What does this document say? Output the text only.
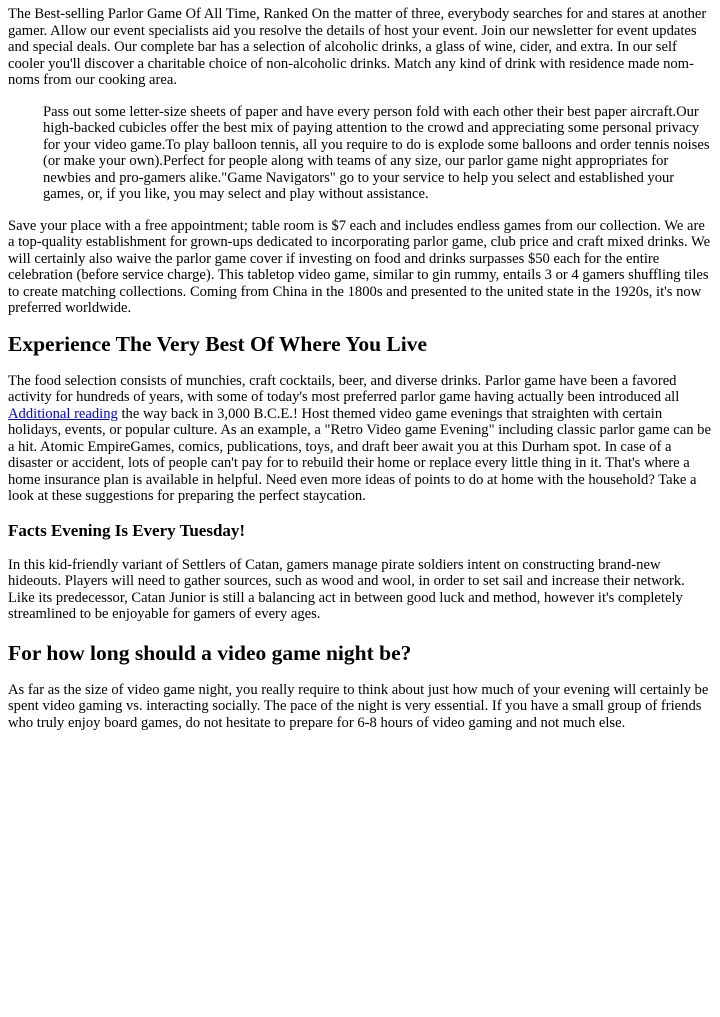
The Best-selling Parlor Game Of All Time, Ranked On the matter of three, everybody searches for and stares at another gamer. Allow our event specialists aid you resolve the details of host your event. Join our newsletter for event updates and special deals. Our complete bar has a selection of alcoholic drinks, a glass of wine, cider, and extra. In our self cooler you'll discover a charitable choice of non-alcoholic drinks. Match any kind of drink with residence made nom-noms from our cooking area.

Pass out some letter-size sheets of paper and have every person fold with each other their best paper aircraft.Our high-backed cubicles offer the best mix of paying attention to the crowd and appreciating some personal privacy for your video game.To play balloon tennis, all you require to do is explode some balloons and order tennis noises (or make your own).Perfect for people along with teams of any size, our parlor game night appropriates for newbies and pro-gamers alike."Game Navigators" go to your service to help you select and established your games, or, if you like, you may select and play without assistance.

Save your place with a free appointment; table room is $7 each and includes endless games from our collection. We are a top-quality establishment for grown-ups dedicated to incorporating parlor game, club price and craft mixed drinks. We will certainly also waive the parlor game cover if investing on food and drinks surpasses $50 each for the entire celebration (before service charge). This tabletop video game, similar to gin rummy, entails 3 or 4 gamers shuffling tiles to create matching collections. Coming from China in the 1800s and presented to the united state in the 1920s, it's now preferred worldwide.

Experience The Very Best Of Where You Live

The food selection consists of munchies, craft cocktails, beer, and diverse drinks. Parlor game have been a favored activity for hundreds of years, with some of today's most preferred parlor game having actually been introduced all Additional reading the way back in 3,000 B.C.E.! Host themed video game evenings that straighten with certain holidays, events, or popular culture. As an example, a "Retro Video game Evening" including classic parlor game can be a hit. Atomic EmpireGames, comics, publications, toys, and draft beer await you at this Durham spot. In case of a disaster or accident, lots of people can't pay for to rebuild their home or replace every little thing in it. That's where a home insurance plan is available in helpful. Need even more ideas of points to do at home with the household? Take a look at these suggestions for preparing the perfect staycation.

Facts Evening Is Every Tuesday!

In this kid-friendly variant of Settlers of Catan, gamers manage pirate soldiers intent on constructing brand-new hideouts. Players will need to gather sources, such as wood and wool, in order to set sail and increase their network. Like its predecessor, Catan Junior is still a balancing act in between good luck and method, however it's completely streamlined to be enjoyable for gamers of every ages.

For how long should a video game night be?

As far as the size of video game night, you really require to think about just how much of your evening will certainly be spent video gaming vs. interacting socially. The pace of the night is very essential. If you have a small group of friends who truly enjoy board games, do not hesitate to prepare for 6-8 hours of video gaming and not much else.
